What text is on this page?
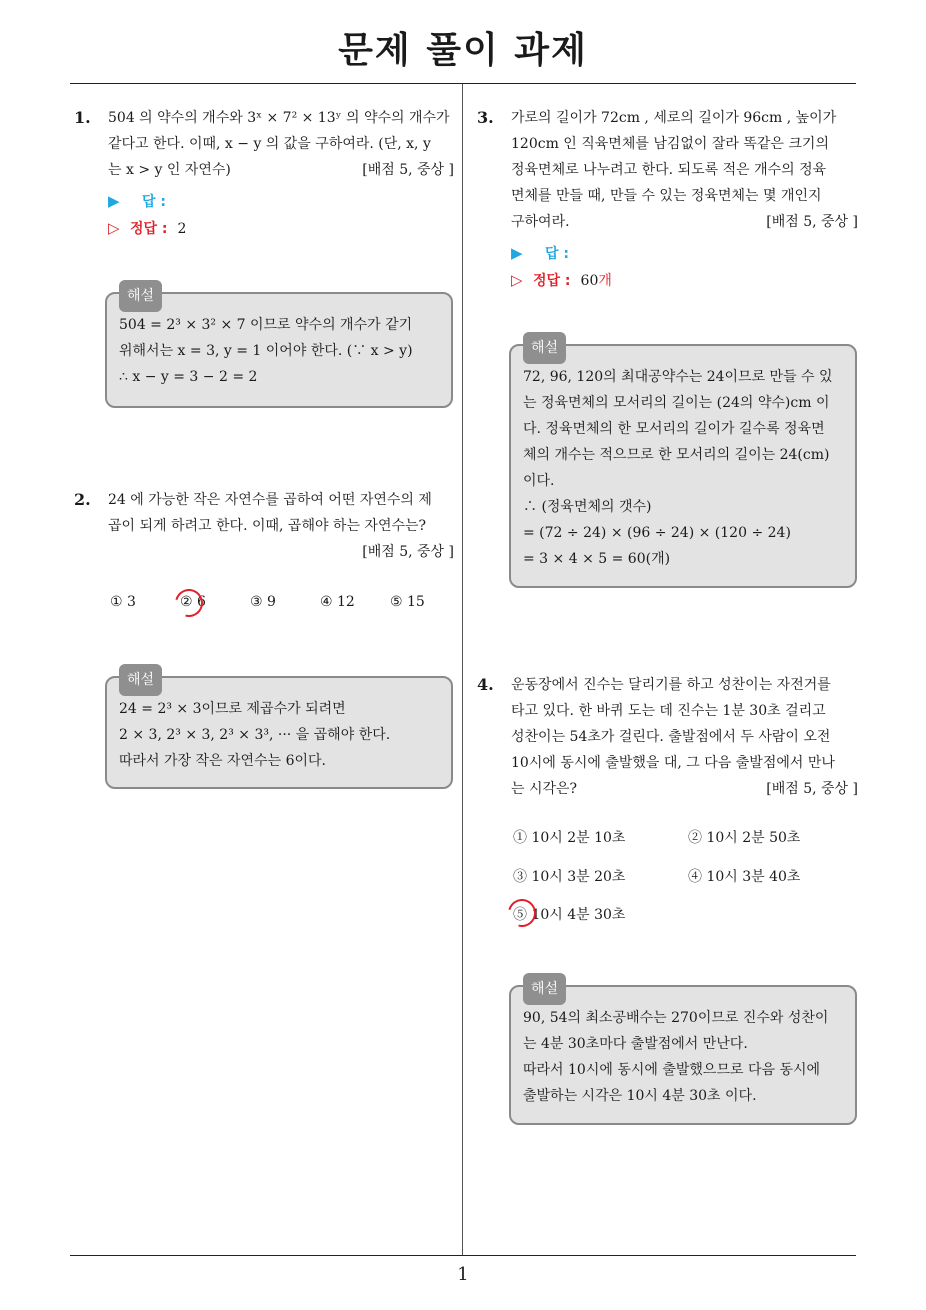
문제 풀이 과제
1. 504 의 약수의 개수와 3ˣ × 7² × 13ʸ 의 약수의 개수가

같다고 한다. 이때, x − y 의 값을 구하여라. (단, x, y

는 x > y 인 자연수)	[배점 5, 중상 ]

▶ 답 :
▷ 정답 : 2
해설

504 = 2³ × 3² × 7 이므로 약수의 개수가 같기

위해서는 x = 3, y = 1 이어야 한다. (∵ x > y)

∴ x − y = 3 − 2 = 2

2. 24 에 가능한 작은 자연수를 곱하여 어떤 자연수의 제

곱이 되게 하려고 한다. 이때, 곱해야 하는 자연수는?

[배점 5, 중상 ]

① 3	② 6	③ 9	④ 12	⑤ 15
해설

24 = 2³ × 3이므로 제곱수가 되려면

2 × 3, 2³ × 3, 2³ × 3³, ··· 을 곱해야 한다.

따라서 가장 작은 자연수는 6이다.

3. 가로의 길이가 72cm , 세로의 길이가 96cm , 높이가

120cm 인 직육면체를 남김없이 잘라 똑같은 크기의

정육면체로 나누려고 한다. 되도록 적은 개수의 정육

면체를 만들 때, 만들 수 있는 정육면체는 몇 개인지

구하여라.	[배점 5, 중상 ]

▶ 답 :
▷ 정답 : 60개
해설

72, 96, 120의 최대공약수는 24이므로 만들 수 있

는 정육면체의 모서리의 길이는 (24의 약수)cm 이

다. 정육면체의 한 모서리의 길이가 길수록 정육면

체의 개수는 적으므로 한 모서리의 길이는 24(cm)

이다.

∴ (정육면체의 갯수)

= (72 ÷ 24) × (96 ÷ 24) × (120 ÷ 24)

= 3 × 4 × 5 = 60(개)

4. 운동장에서 진수는 달리기를 하고 성찬이는 자전거를

타고 있다. 한 바퀴 도는 데 진수는 1분 30초 걸리고

성찬이는 54초가 걸린다. 출발점에서 두 사람이 오전

10시에 동시에 출발했을 대, 그 다음 출발점에서 만나

는 시각은?	[배점 5, 중상 ]

① 10시 2분 10초	② 10시 2분 50초
③ 10시 3분 20초	④ 10시 3분 40초
⑤ 10시 4분 30초
해설

90, 54의 최소공배수는 270이므로 진수와 성찬이

는 4분 30초마다 출발점에서 만난다.

따라서 10시에 동시에 출발했으므로 다음 동시에

출발하는 시각은 10시 4분 30초 이다.

1
